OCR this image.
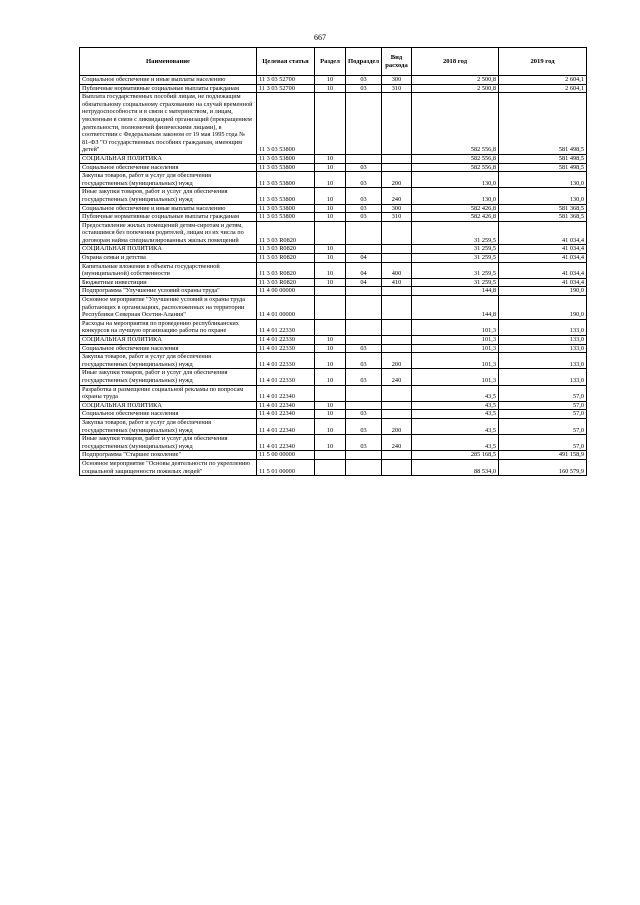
667
Наименование	Целевая статья	Раздел	Подраздел	Вид расхода	2018 год	2019 год
Социальное обеспечение и иные выплаты населению	11 3 03 52700	10	03	300	2 500,8	2 604,1
Публичные нормативные социальные выплаты гражданам	11 3 03 52700	10	03	310	2 500,8	2 604,1
Выплата государственных пособий лицам, не подлежащим обязательному социальному страхованию на случай временной нетрудоспособности и в связи с материнством, и лицам, уволенным в связи с ликвидацией организаций (прекращением деятельности, полномочий физическими лицами), в соответствии с Федеральным законом от 19 мая 1995 года № 81-ФЗ "О государственных пособиях гражданам, имеющим детей"	11 3 03 53800				582 556,8	581 498,5
СОЦИАЛЬНАЯ ПОЛИТИКА	11 3 03 53800	10			582 556,8	581 498,5
Социальное обеспечение населения	11 3 03 53800	10	03		582 556,8	581 498,5
Закупка товаров, работ и услуг для обеспечения государственных (муниципальных) нужд	11 3 03 53800	10	03	200	130,0	130,0
Иные закупки товаров, работ и услуг для обеспечения государственных (муниципальных) нужд	11 3 03 53800	10	03	240	130,0	130,0
Социальное обеспечение и иные выплаты населению	11 3 03 53800	10	03	300	582 426,8	581 368,5
Публичные нормативные социальные выплаты гражданам	11 3 03 53800	10	03	310	582 426,8	581 368,5
Предоставление жилых помещений детям-сиротам и детям, оставшимся без попечения родителей, лицам из их числа по договорам найма специализированных жилых помещений	11 3 03 R0820				31 259,5	41 034,4
СОЦИАЛЬНАЯ ПОЛИТИКА	11 3 03 R0820	10			31 259,5	41 034,4
Охрана семьи и детства	11 3 03 R0820	10	04		31 259,5	41 034,4
Капитальные вложения в объекты государственной (муниципальной) собственности	11 3 03 R0820	10	04	400	31 259,5	41 034,4
Бюджетные инвестиции	11 3 03 R0820	10	04	410	31 259,5	41 034,4
Подпрограмма "Улучшение условий охраны труда"	11 4 00 00000				144,8	190,0
Основное мероприятие "Улучшение условий и охраны труда работающих в организациях, расположенных на территории Республики Северная Осетия-Алания"	11 4 01 00000				144,8	190,0
Расходы на мероприятия по проведению республиканских конкурсов на лучшую организацию работы по охране	11 4 01 22330				101,3	133,0
СОЦИАЛЬНАЯ ПОЛИТИКА	11 4 01 22330	10			101,3	133,0
Социальное обеспечение населения	11 4 01 22330	10	03		101,3	133,0
Закупка товаров, работ и услуг для обеспечения государственных (муниципальных) нужд	11 4 01 22330	10	03	200	101,3	133,0
Иные закупки товаров, работ и услуг для обеспечения государственных (муниципальных) нужд	11 4 01 22330	10	03	240	101,3	133,0
Разработка и размещение социальной рекламы по вопросам охраны труда	11 4 01 22340				43,5	57,0
СОЦИАЛЬНАЯ ПОЛИТИКА	11 4 01 22340	10			43,5	57,0
Социальное обеспечение населения	11 4 01 22340	10	03		43,5	57,0
Закупка товаров, работ и услуг для обеспечения государственных (муниципальных) нужд	11 4 01 22340	10	03	200	43,5	57,0
Иные закупки товаров, работ и услуг для обеспечения государственных (муниципальных) нужд	11 4 01 22340	10	03	240	43,5	57,0
Подпрограмма "Старшее поколение"	11 5 00 00000				285 168,5	491 158,9
Основное мероприятие "Основы деятельности по укреплению социальной защищенности пожилых людей"	11 5 01 00000				88 534,0	160 579,9
